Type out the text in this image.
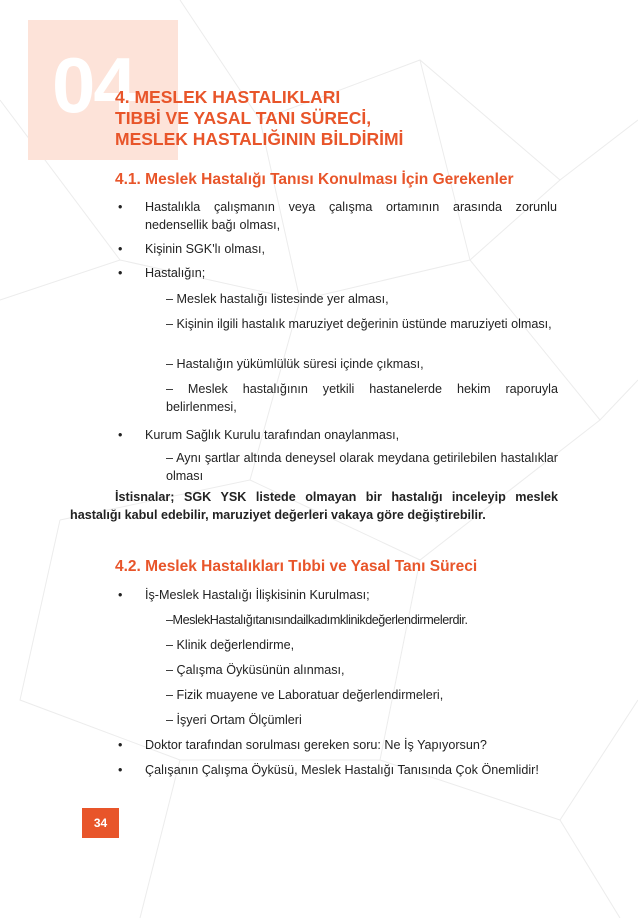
04
4. MESLEK HASTALIKLARI
TIBBİ VE YASAL TANI SÜRECİ,
MESLEK HASTALIĞININ BİLDİRİMİ
4.1. Meslek Hastalığı Tanısı Konulması İçin Gerekenler
• Hastalıkla çalışmanın veya çalışma ortamının arasında zorunlu nedensellik bağı olması,
• Kişinin SGK'lı olması,
• Hastalığın;
– Meslek hastalığı listesinde yer alması,
– Kişinin ilgili hastalık maruziyet değerinin üstünde maruziyeti olması,
– Hastalığın yükümlülük süresi içinde çıkması,
– Meslek hastalığının yetkili hastanelerde hekim raporuyla belirlenmesi,
• Kurum Sağlık Kurulu tarafından onaylanması,
– Aynı şartlar altında deneysel olarak meydana getirilebilen hastalıklar olması

İstisnalar; SGK YSK listede olmayan bir hastalığı inceleyip meslek hastalığı kabul edebilir, maruziyet değerleri vakaya göre değiştirebilir.

4.2. Meslek Hastalıkları Tıbbi ve Yasal Tanı Süreci
• İş-Meslek Hastalığı İlişkisinin Kurulması;
–MeslekHastalığıtanısındailkadımklinikdeğerlendirmelerdir.
– Klinik değerlendirme,
– Çalışma Öyküsünün alınması,
– Fizik muayene ve Laboratuar değerlendirmeleri,
– İşyeri Ortam Ölçümleri
• Doktor tarafından sorulması gereken soru: Ne İş Yapıyorsun?
• Çalışanın Çalışma Öyküsü, Meslek Hastalığı Tanısında Çok Önemlidir!
34
